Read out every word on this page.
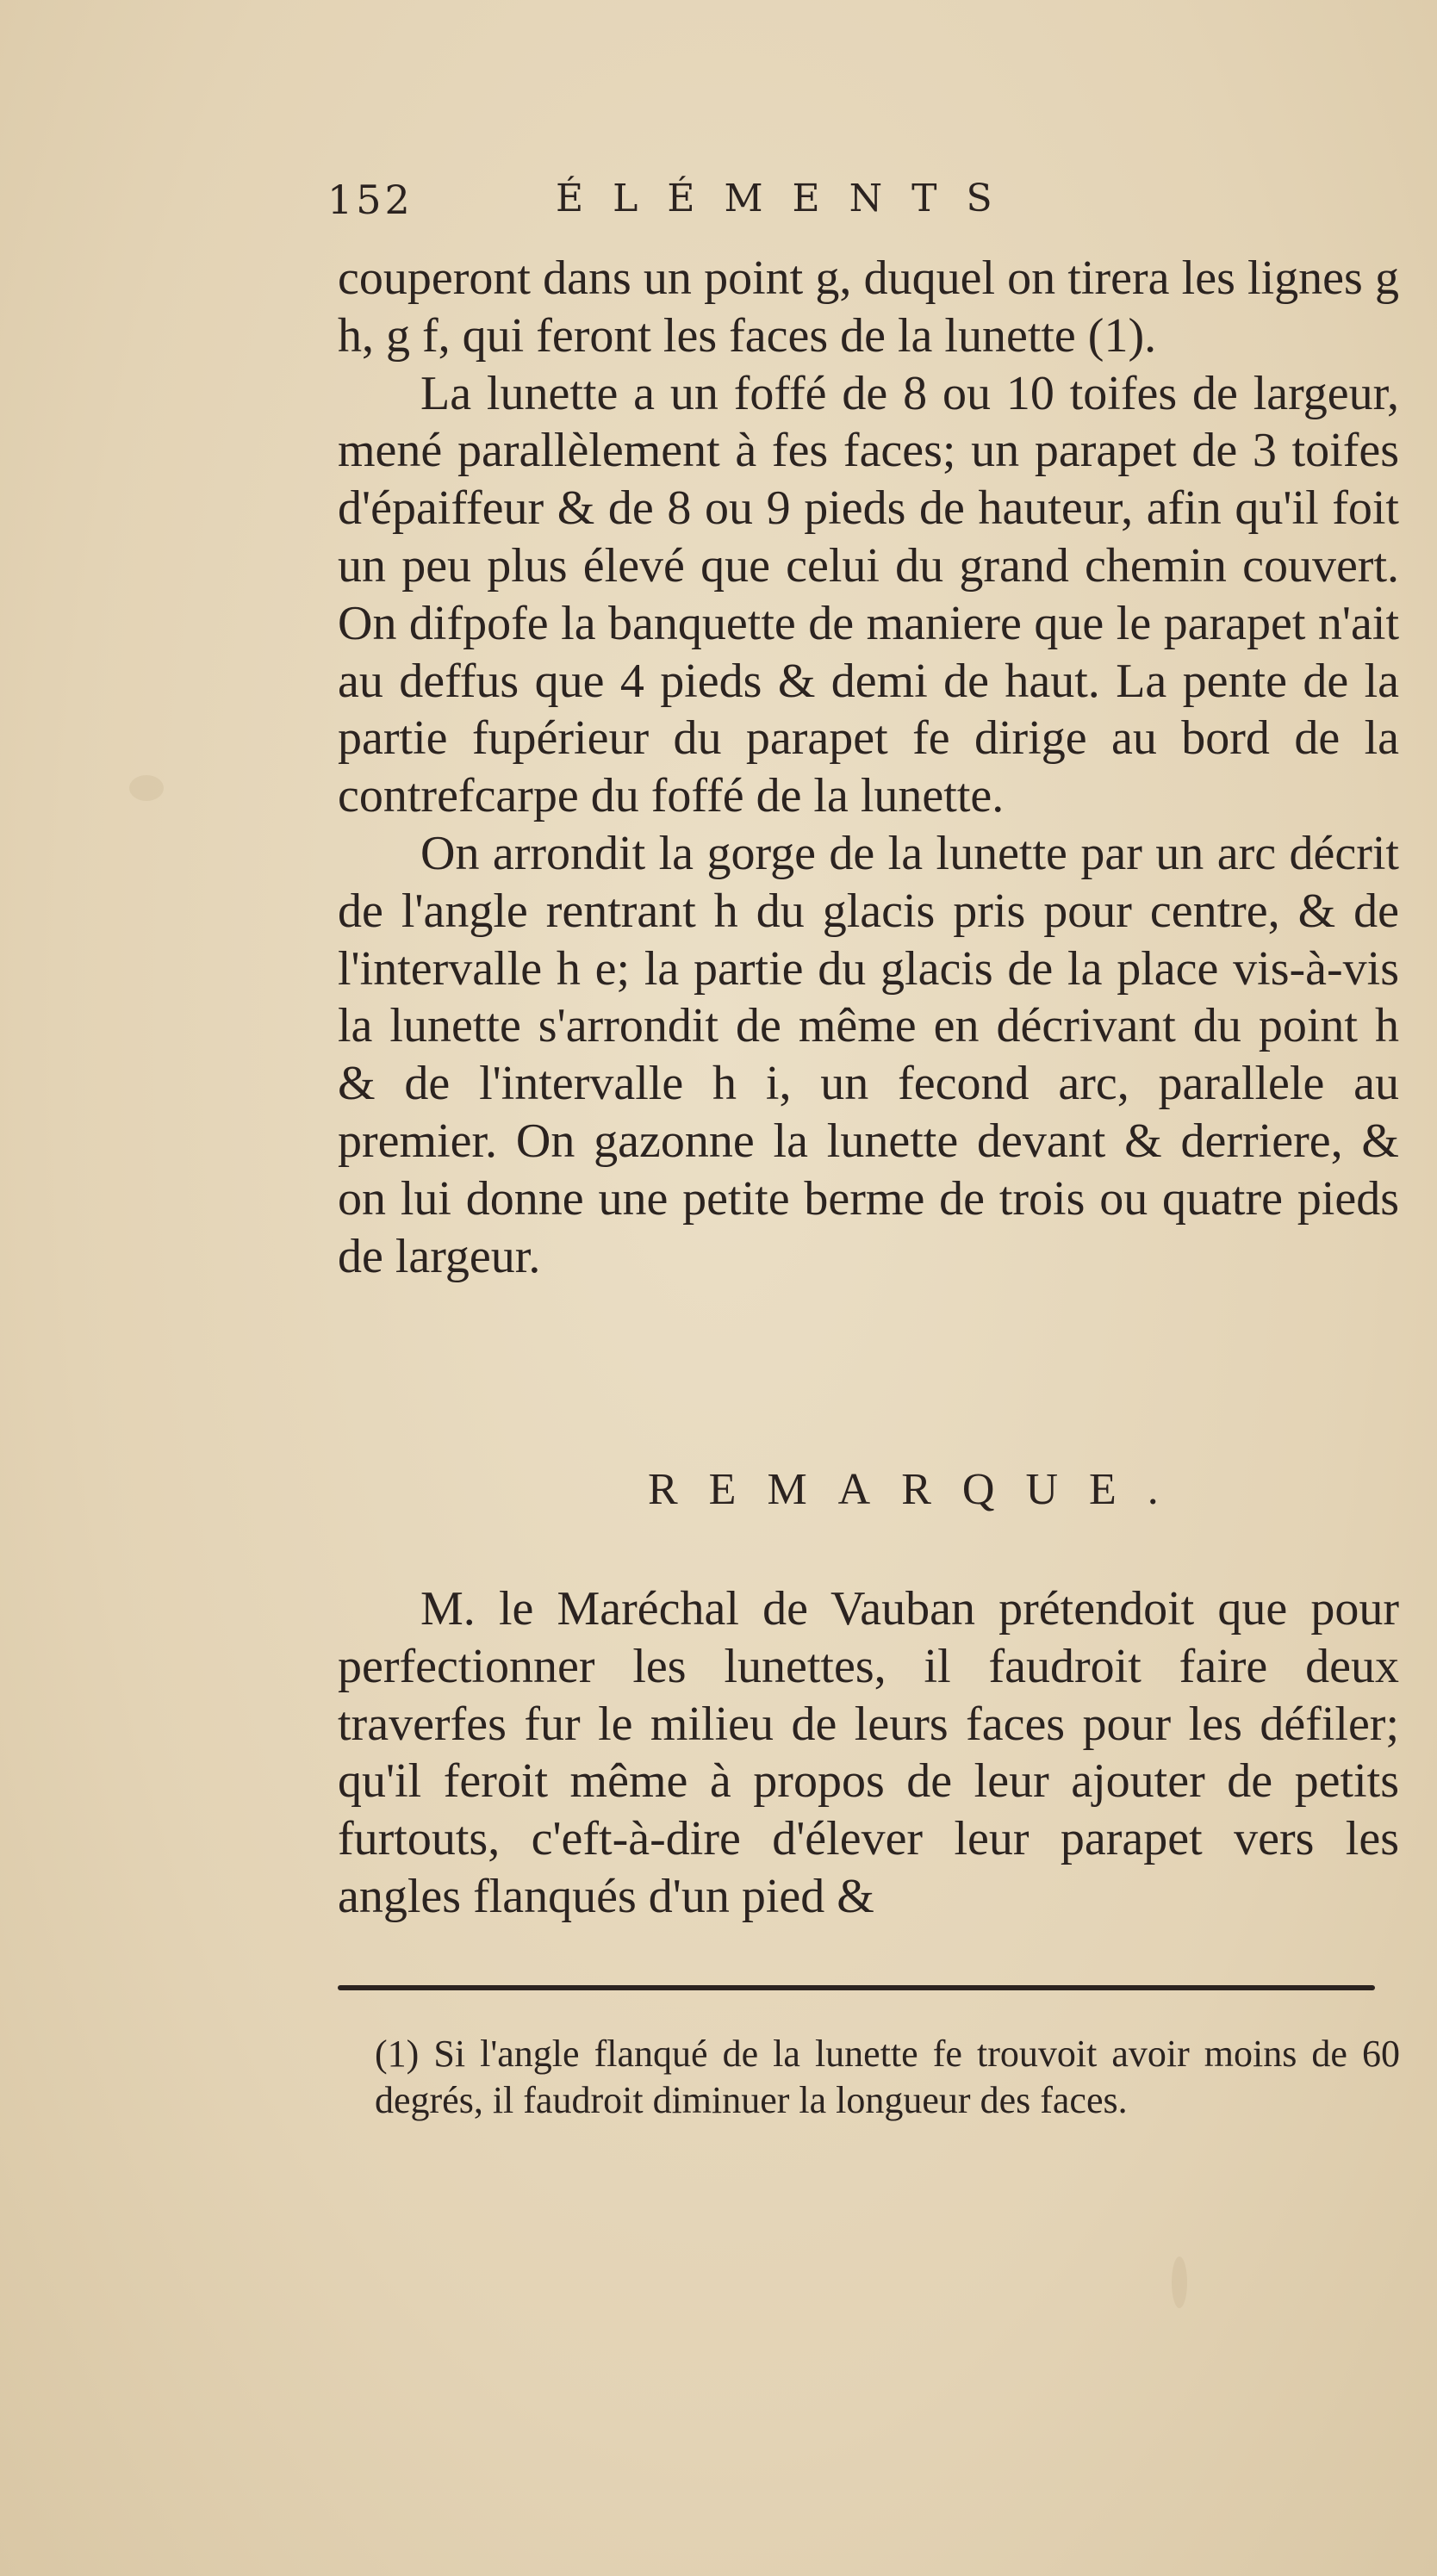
152	ÉLÉMENTS

couperont dans un point g, duquel on tirera les lignes g h, g f, qui feront les faces de la lunette (1).

La lunette a un foffé de 8 ou 10 toifes de largeur, mené parallèlement à fes faces; un parapet de 3 toifes d'épaiffeur & de 8 ou 9 pieds de hauteur, afin qu'il foit un peu plus élevé que celui du grand chemin couvert. On difpofe la banquette de maniere que le parapet n'ait au deffus que 4 pieds & demi de haut. La pente de la partie fupérieur du parapet fe dirige au bord de la contrefcarpe du foffé de la lunette.

On arrondit la gorge de la lunette par un arc décrit de l'angle rentrant h du glacis pris pour centre, & de l'intervalle h e; la partie du glacis de la place vis-à-vis la lunette s'arrondit de même en décrivant du point h & de l'intervalle h i, un fecond arc, parallele au premier. On gazonne la lunette devant & derriere, & on lui donne une petite berme de trois ou quatre pieds de largeur.

REMARQUE.

M. le Maréchal de Vauban prétendoit que pour perfectionner les lunettes, il faudroit faire deux traverfes fur le milieu de leurs faces pour les défiler; qu'il feroit même à propos de leur ajouter de petits furtouts, c'eft-à-dire d'élever leur parapet vers les angles flanqués d'un pied &

(1) Si l'angle flanqué de la lunette fe trouvoit avoir moins de 60 degrés, il faudroit diminuer la longueur des faces.
